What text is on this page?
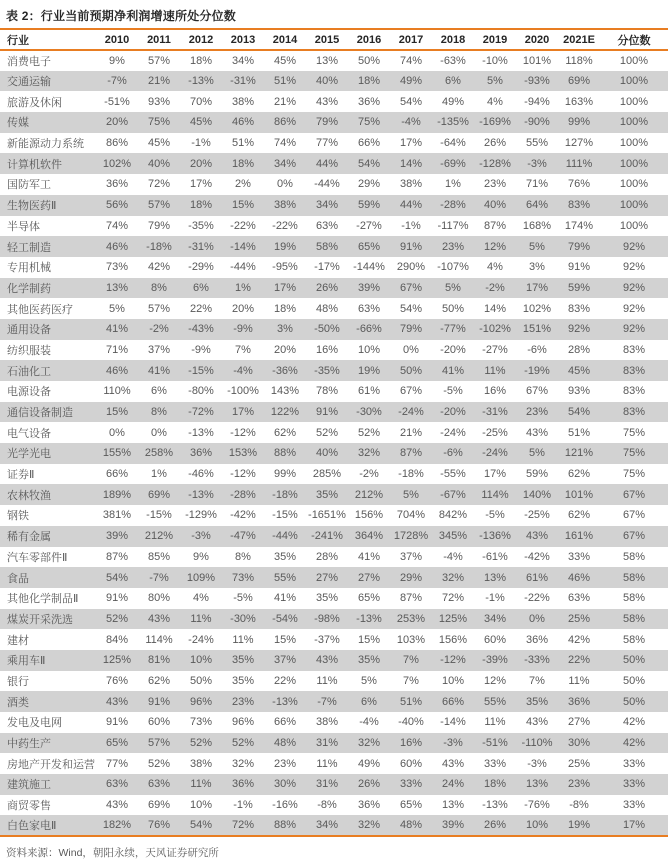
表 2：行业当前预期净利润增速所处分位数
行业	2010	2011	2012	2013	2014	2015	2016	2017	2018	2019	2020	2021E	分位数
消费电子	9%	57%	18%	34%	45%	13%	50%	74%	-63%	-10%	101%	118%	100%
交通运输	-7%	21%	-13%	-31%	51%	40%	18%	49%	6%	5%	-93%	69%	100%
旅游及休闲	-51%	93%	70%	38%	21%	43%	36%	54%	49%	4%	-94%	163%	100%
传媒	20%	75%	45%	46%	86%	79%	75%	-4%	-135%	-169%	-90%	99%	100%
新能源动力系统	86%	45%	-1%	51%	74%	77%	66%	17%	-64%	26%	55%	127%	100%
计算机软件	102%	40%	20%	18%	34%	44%	54%	14%	-69%	-128%	-3%	111%	100%
国防军工	36%	72%	17%	2%	0%	-44%	29%	38%	1%	23%	71%	76%	100%
生物医药Ⅱ	56%	57%	18%	15%	38%	34%	59%	44%	-28%	40%	64%	83%	100%
半导体	74%	79%	-35%	-22%	-22%	63%	-27%	-1%	-117%	87%	168%	174%	100%
轻工制造	46%	-18%	-31%	-14%	19%	58%	65%	91%	23%	12%	5%	79%	92%
专用机械	73%	42%	-29%	-44%	-95%	-17%	-144%	290%	-107%	4%	3%	91%	92%
化学制药	13%	8%	6%	1%	17%	26%	39%	67%	5%	-2%	17%	59%	92%
其他医药医疗	5%	57%	22%	20%	18%	48%	63%	54%	50%	14%	102%	83%	92%
通用设备	41%	-2%	-43%	-9%	3%	-50%	-66%	79%	-77%	-102%	151%	92%	92%
纺织服装	71%	37%	-9%	7%	20%	16%	10%	0%	-20%	-27%	-6%	28%	83%
石油化工	46%	41%	-15%	-4%	-36%	-35%	19%	50%	41%	11%	-19%	45%	83%
电源设备	110%	6%	-80%	-100%	143%	78%	61%	67%	-5%	16%	67%	93%	83%
通信设备制造	15%	8%	-72%	17%	122%	91%	-30%	-24%	-20%	-31%	23%	54%	83%
电气设备	0%	0%	-13%	-12%	62%	52%	52%	21%	-24%	-25%	43%	51%	75%
光学光电	155%	258%	36%	153%	88%	40%	32%	87%	-6%	-24%	5%	121%	75%
证券Ⅱ	66%	1%	-46%	-12%	99%	285%	-2%	-18%	-55%	17%	59%	62%	75%
农林牧渔	189%	69%	-13%	-28%	-18%	35%	212%	5%	-67%	114%	140%	101%	67%
钢铁	381%	-15%	-129%	-42%	-15%	-1651%	156%	704%	842%	-5%	-25%	62%	67%
稀有金属	39%	212%	-3%	-47%	-44%	-241%	364%	1728%	345%	-136%	43%	161%	67%
汽车零部件Ⅱ	87%	85%	9%	8%	35%	28%	41%	37%	-4%	-61%	-42%	33%	58%
食品	54%	-7%	109%	73%	55%	27%	27%	29%	32%	13%	61%	46%	58%
其他化学制品Ⅱ	91%	80%	4%	-5%	41%	35%	65%	87%	72%	-1%	-22%	63%	58%
煤炭开采洗选	52%	43%	11%	-30%	-54%	-98%	-13%	253%	125%	34%	0%	25%	58%
建材	84%	114%	-24%	11%	15%	-37%	15%	103%	156%	60%	36%	42%	58%
乘用车Ⅱ	125%	81%	10%	35%	37%	43%	35%	7%	-12%	-39%	-33%	22%	50%
银行	76%	62%	50%	35%	22%	11%	5%	7%	10%	12%	7%	11%	50%
酒类	43%	91%	96%	23%	-13%	-7%	6%	51%	66%	55%	35%	36%	50%
发电及电网	91%	60%	73%	96%	66%	38%	-4%	-40%	-14%	11%	43%	27%	42%
中药生产	65%	57%	52%	52%	48%	31%	32%	16%	-3%	-51%	-110%	30%	42%
房地产开发和运营	77%	52%	38%	32%	23%	11%	49%	60%	43%	33%	-3%	25%	33%
建筑施工	63%	63%	11%	36%	30%	31%	26%	33%	24%	18%	13%	23%	33%
商贸零售	43%	69%	10%	-1%	-16%	-8%	36%	65%	13%	-13%	-76%	-8%	33%
白色家电Ⅱ	182%	76%	54%	72%	88%	34%	32%	48%	39%	26%	10%	19%	17%
资料来源：Wind，朝阳永续，天风证券研究所
